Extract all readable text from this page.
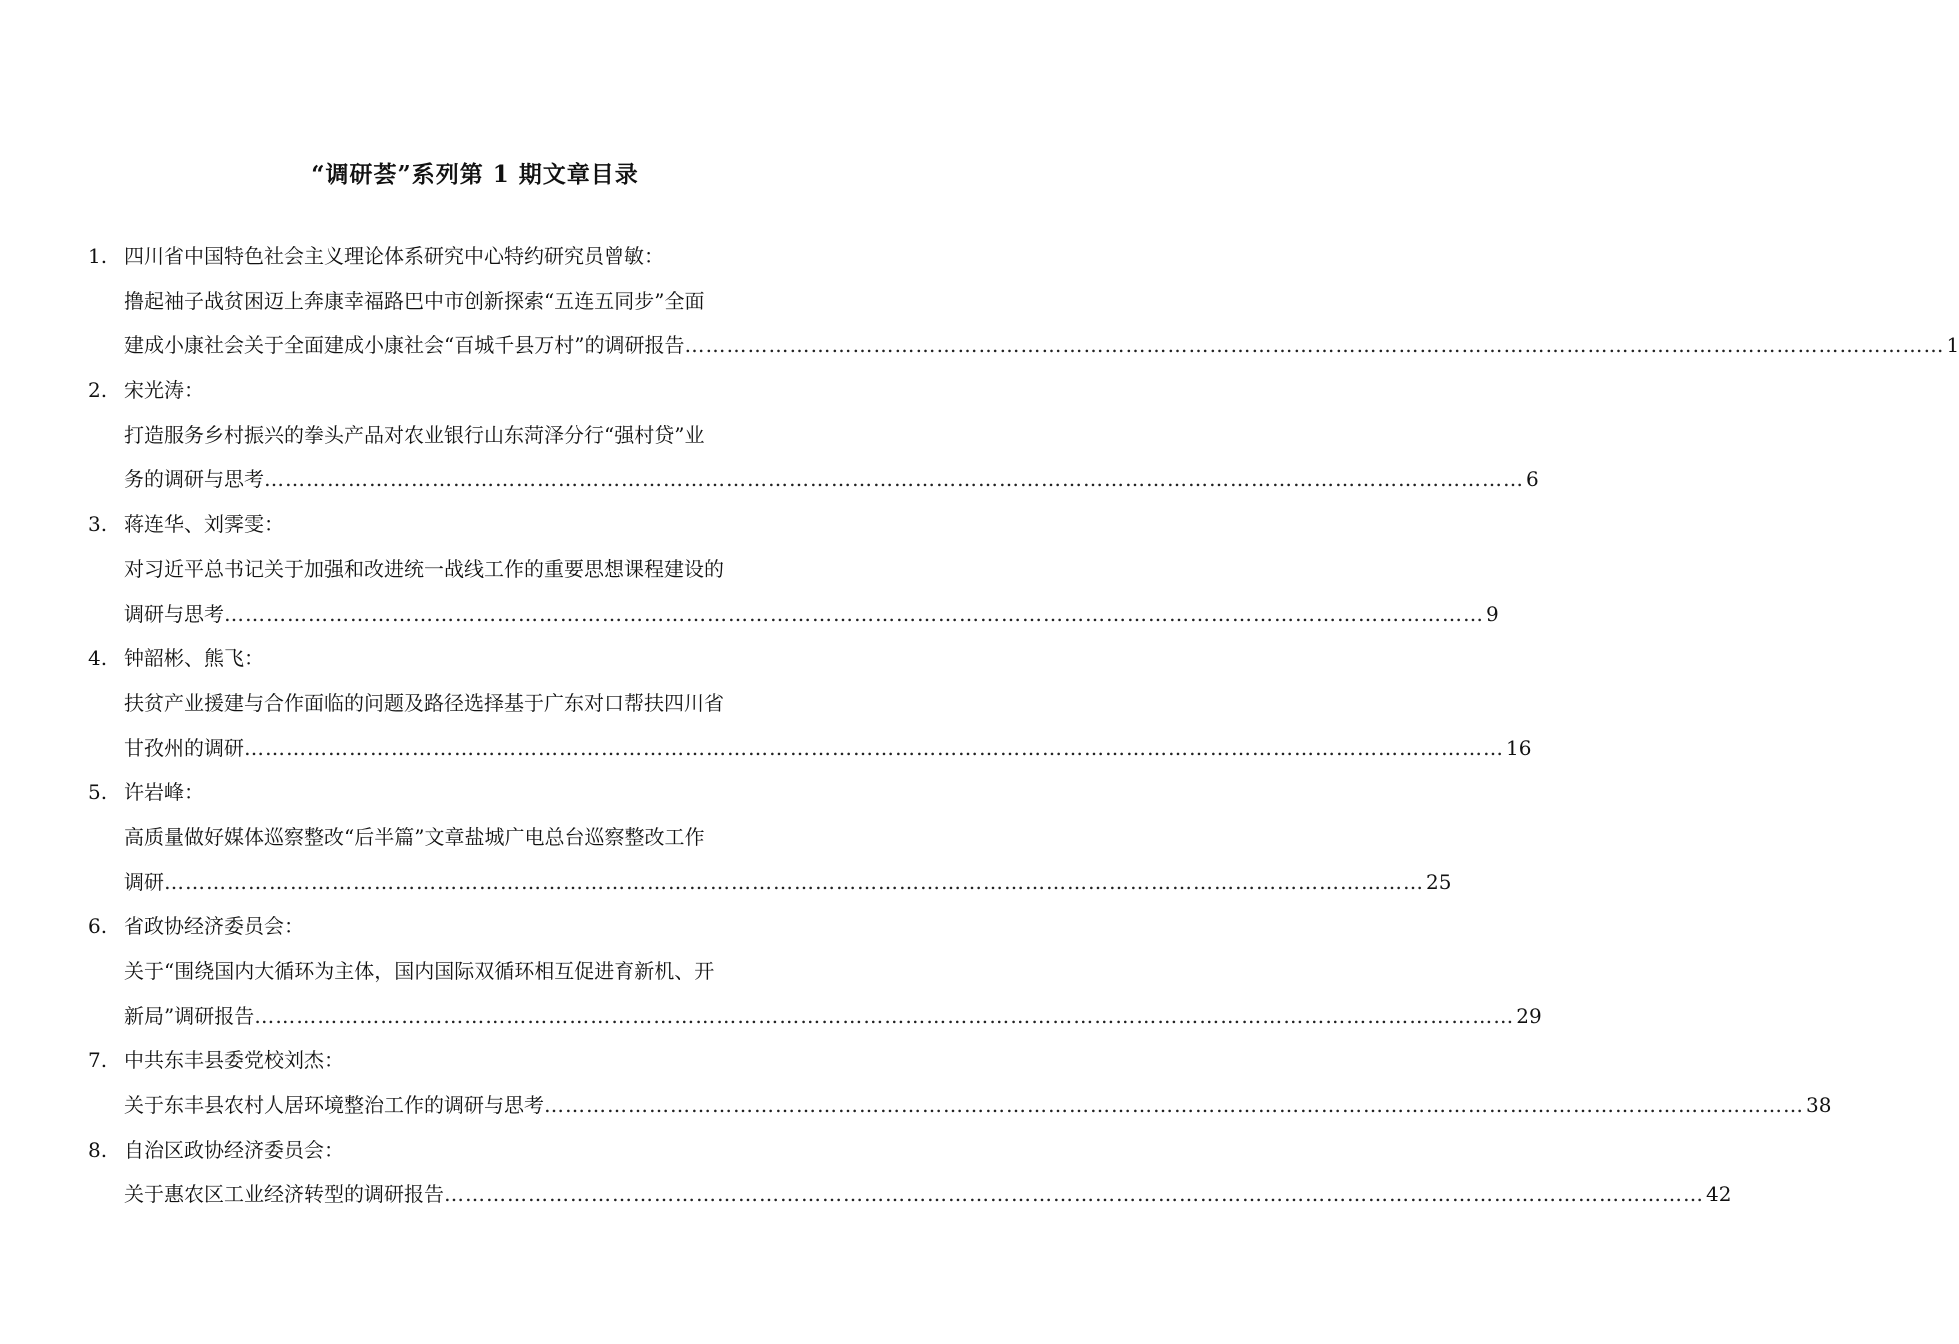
“调研荟”系列第 1 期文章目录
1. 四川省中国特色社会主义理论体系研究中心特约研究员曾敏：
撸起袖子战贫困迈上奔康幸福路巴中市创新探索“五连五同步”全面
建成小康社会关于全面建成小康社会“百城千县万村”的调研报告 ……………………………………………………………………………………………………………………………………………………………… 1
2. 宋光涛：
打造服务乡村振兴的拳头产品对农业银行山东菏泽分行“强村贷”业
务的调研与思考 ……………………………………………………………………………………………………………………………………………………………… 6
3. 蒋连华、刘霁雯：
对习近平总书记关于加强和改进统一战线工作的重要思想课程建设的
调研与思考 ……………………………………………………………………………………………………………………………………………………………… 9
4. 钟韶彬、熊飞：
扶贫产业援建与合作面临的问题及路径选择基于广东对口帮扶四川省
甘孜州的调研 ……………………………………………………………………………………………………………………………………………………………… 16
5. 许岩峰：
高质量做好媒体巡察整改“后半篇”文章盐城广电总台巡察整改工作
调研 ……………………………………………………………………………………………………………………………………………………………… 25
6. 省政协经济委员会：
关于“围绕国内大循环为主体，国内国际双循环相互促进育新机、开
新局”调研报告 ……………………………………………………………………………………………………………………………………………………………… 29
7. 中共东丰县委党校刘杰：
关于东丰县农村人居环境整治工作的调研与思考 ……………………………………………………………………………………………………………………………………………………………… 38
8. 自治区政协经济委员会：
关于惠农区工业经济转型的调研报告 ……………………………………………………………………………………………………………………………………………………………… 42
